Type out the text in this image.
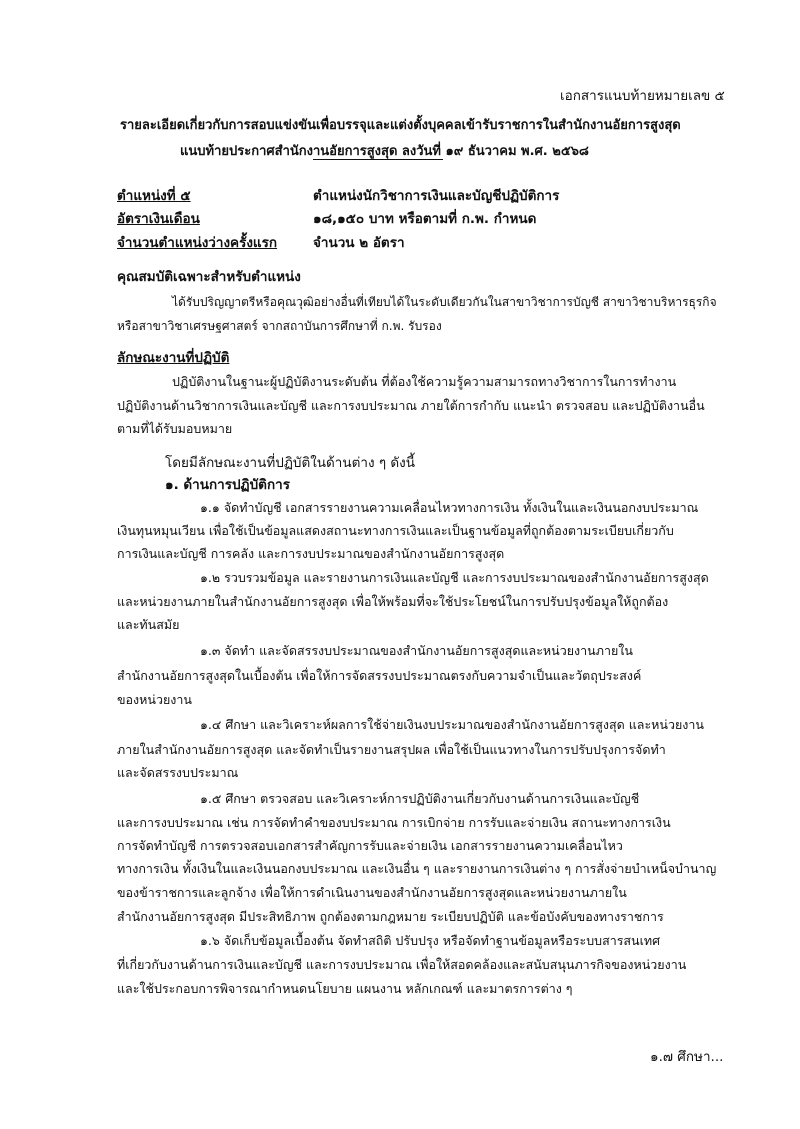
เอกสารแนบท้ายหมายเลข ๕
รายละเอียดเกี่ยวกับการสอบแข่งขันเพื่อบรรจุและแต่งตั้งบุคคลเข้ารับราชการในสำนักงานอัยการสูงสุด
แนบท้ายประกาศสำนักงานอัยการสูงสุด ลงวันที่ ๑๙ ธันวาคม พ.ศ. ๒๕๖๘
ตำแหน่งที่ ๕	ตำแหน่งนักวิชาการเงินและบัญชีปฏิบัติการ
อัตราเงินเดือน	๑๘,๑๕๐ บาท หรือตามที่ ก.พ. กำหนด
จำนวนตำแหน่งว่างครั้งแรก	จำนวน ๒ อัตรา
คุณสมบัติเฉพาะสำหรับตำแหน่ง
ได้รับปริญญาตรีหรือคุณวุฒิอย่างอื่นที่เทียบได้ในระดับเดียวกันในสาขาวิชาการบัญชี สาขาวิชาบริหารธุรกิจ
หรือสาขาวิชาเศรษฐศาสตร์ จากสถาบันการศึกษาที่ ก.พ. รับรอง
ลักษณะงานที่ปฏิบัติ
ปฏิบัติงานในฐานะผู้ปฏิบัติงานระดับต้น ที่ต้องใช้ความรู้ความสามารถทางวิชาการในการทำงาน
ปฏิบัติงานด้านวิชาการเงินและบัญชี และการงบประมาณ ภายใต้การกำกับ แนะนำ ตรวจสอบ และปฏิบัติงานอื่น
ตามที่ได้รับมอบหมาย
โดยมีลักษณะงานที่ปฏิบัติในด้านต่าง ๆ ดังนี้
๑. ด้านการปฏิบัติการ
๑.๑ จัดทำบัญชี เอกสารรายงานความเคลื่อนไหวทางการเงิน ทั้งเงินในและเงินนอกงบประมาณ
เงินทุนหมุนเวียน เพื่อใช้เป็นข้อมูลแสดงสถานะทางการเงินและเป็นฐานข้อมูลที่ถูกต้องตามระเบียบเกี่ยวกับ
การเงินและบัญชี การคลัง และการงบประมาณของสำนักงานอัยการสูงสุด
๑.๒ รวบรวมข้อมูล และรายงานการเงินและบัญชี และการงบประมาณของสำนักงานอัยการสูงสุด
และหน่วยงานภายในสำนักงานอัยการสูงสุด เพื่อให้พร้อมที่จะใช้ประโยชน์ในการปรับปรุงข้อมูลให้ถูกต้อง
และทันสมัย
๑.๓ จัดทำ และจัดสรรงบประมาณของสำนักงานอัยการสูงสุดและหน่วยงานภายใน
สำนักงานอัยการสูงสุดในเบื้องต้น เพื่อให้การจัดสรรงบประมาณตรงกับความจำเป็นและวัตถุประสงค์
ของหน่วยงาน
๑.๔ ศึกษา และวิเคราะห์ผลการใช้จ่ายเงินงบประมาณของสำนักงานอัยการสูงสุด และหน่วยงาน
ภายในสำนักงานอัยการสูงสุด และจัดทำเป็นรายงานสรุปผล เพื่อใช้เป็นแนวทางในการปรับปรุงการจัดทำ
และจัดสรรงบประมาณ
๑.๕ ศึกษา ตรวจสอบ และวิเคราะห์การปฏิบัติงานเกี่ยวกับงานด้านการเงินและบัญชี
และการงบประมาณ เช่น การจัดทำคำของบประมาณ การเบิกจ่าย การรับและจ่ายเงิน สถานะทางการเงิน
การจัดทำบัญชี การตรวจสอบเอกสารสำคัญการรับและจ่ายเงิน เอกสารรายงานความเคลื่อนไหว
ทางการเงิน ทั้งเงินในและเงินนอกงบประมาณ และเงินอื่น ๆ และรายงานการเงินต่าง ๆ การสั่งจ่ายบำเหน็จบำนาญ
ของข้าราชการและลูกจ้าง เพื่อให้การดำเนินงานของสำนักงานอัยการสูงสุดและหน่วยงานภายใน
สำนักงานอัยการสูงสุด มีประสิทธิภาพ ถูกต้องตามกฎหมาย ระเบียบปฏิบัติ และข้อบังคับของทางราชการ
๑.๖ จัดเก็บข้อมูลเบื้องต้น จัดทำสถิติ ปรับปรุง หรือจัดทำฐานข้อมูลหรือระบบสารสนเทศ
ที่เกี่ยวกับงานด้านการเงินและบัญชี และการงบประมาณ เพื่อให้สอดคล้องและสนับสนุนภารกิจของหน่วยงาน
และใช้ประกอบการพิจารณากำหนดนโยบาย แผนงาน หลักเกณฑ์ และมาตรการต่าง ๆ
๑.๗ ศึกษา...
